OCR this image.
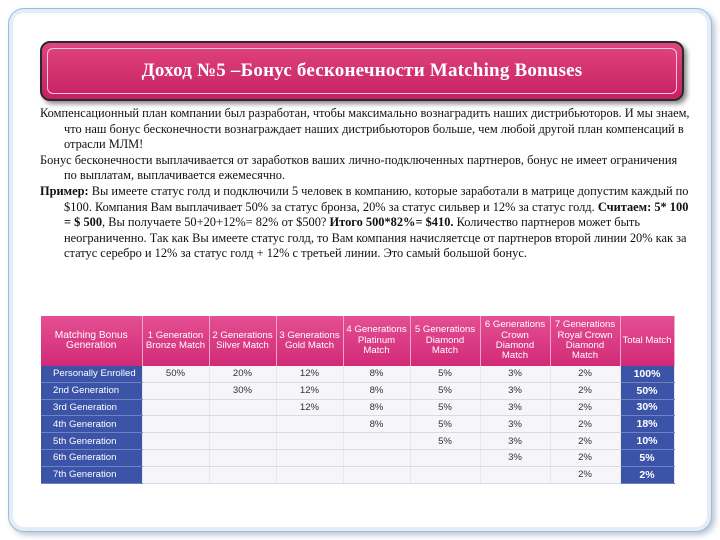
Доход №5 –Бонус бесконечности Matching Bonuses

Компенсационный план компании был разработан, чтобы максимально вознаградить наших дистрибьюторов. И мы знаем, что наш бонус бесконечности вознаграждает наших дистрибьюторов больше, чем любой другой план компенсаций в отрасли МЛМ!

Бонус бесконечности выплачивается от заработков ваших лично-подключенных партнеров, бонус не имеет ограничения по выплатам, выплачивается ежемесячно.

Пример: Вы имеете статус голд и подключили 5 человек в компанию, которые заработали в матрице допустим каждый по $100. Компания Вам выплачивает 50% за статус бронза, 20% за статус сильвер и 12% за статус голд. Считаем: 5* 100 = $ 500, Вы получаете 50+20+12%= 82% от $500? Итого 500*82%= $410. Количество партнеров может быть неограниченно. Так как Вы имеете статус голд, то Вам компания начисляетсце от партнеров второй линии 20% как за статус серебро и 12% за статус голд + 12% с третьей линии. Это самый большой бонус.

Matching Bonus Generation	1 Generation Bronze Match	2 Generations Silver Match	3 Generations Gold Match	4 Generations Platinum Match	5 Generations Diamond Match	6 Generations Crown Diamond Match	7 Generations Royal Crown Diamond Match	Total Match
Personally Enrolled	50%	20%	12%	8%	5%	3%	2%	100%
2nd Generation		30%	12%	8%	5%	3%	2%	50%
3rd Generation			12%	8%	5%	3%	2%	30%
4th Generation				8%	5%	3%	2%	18%
5th Generation					5%	3%	2%	10%
6th Generation						3%	2%	5%
7th Generation							2%	2%
